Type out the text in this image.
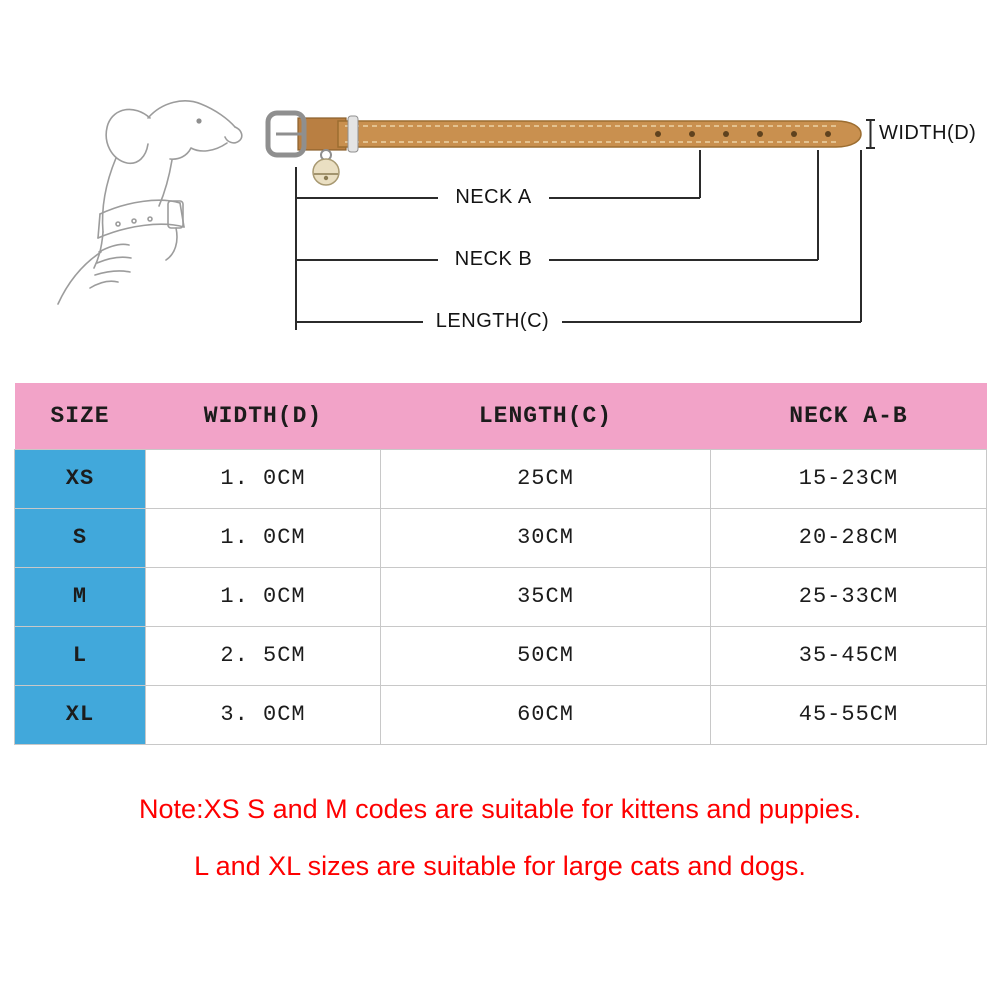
NECK A
NECK B
LENGTH(C)
WIDTH(D)
SIZE	WIDTH(D)	LENGTH(C)	NECK A-B
XS	1. 0CM	25CM	15-23CM
S	1. 0CM	30CM	20-28CM
M	1. 0CM	35CM	25-33CM
L	2. 5CM	50CM	35-45CM
XL	3. 0CM	60CM	45-55CM
Note:XS S and M codes are suitable for kittens and puppies.
L and XL sizes are suitable for large cats and dogs.
